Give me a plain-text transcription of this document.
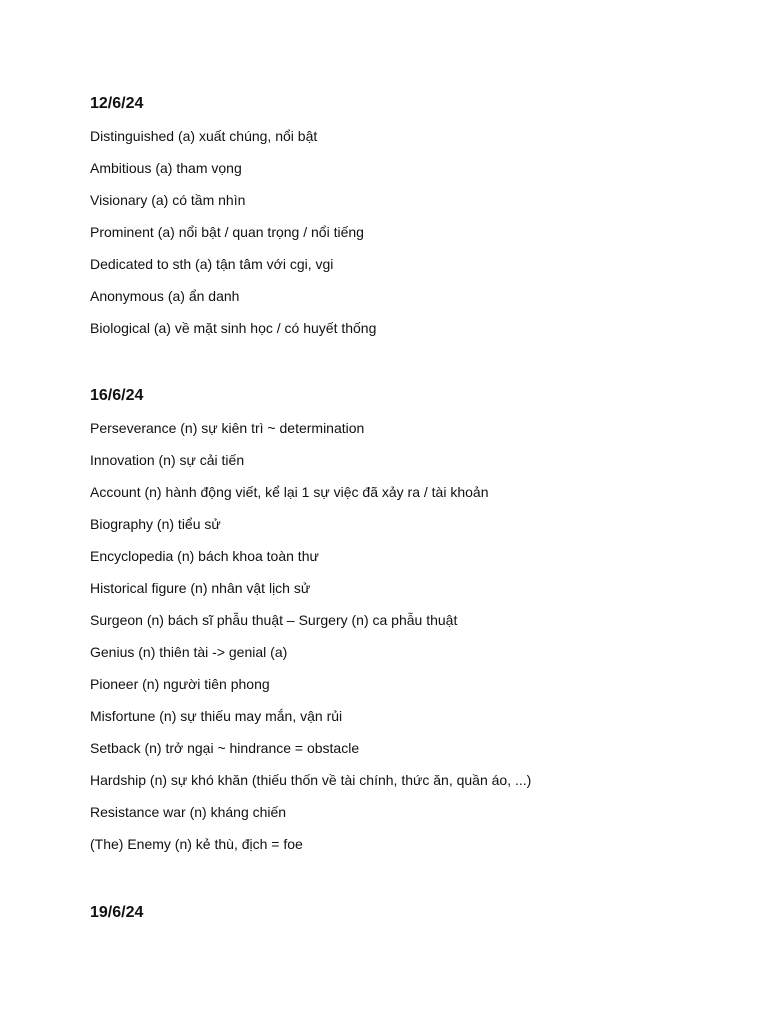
12/6/24
Distinguished (a) xuất chúng, nổi bật
Ambitious (a) tham vọng
Visionary (a) có tầm nhìn
Prominent (a) nổi bật / quan trọng / nổi tiếng
Dedicated to sth (a) tận tâm với cgi, vgi
Anonymous (a) ẩn danh
Biological (a) về mặt sinh học / có huyết thống
16/6/24
Perseverance (n) sự kiên trì ~ determination
Innovation (n) sự cải tiến
Account (n) hành động viết, kể lại 1 sự việc đã xảy ra / tài khoản
Biography (n) tiểu sử
Encyclopedia (n) bách khoa toàn thư
Historical figure (n) nhân vật lịch sử
Surgeon (n) bách sĩ phẫu thuật – Surgery (n) ca phẫu thuật
Genius (n) thiên tài -> genial (a)
Pioneer (n) người tiên phong
Misfortune (n) sự thiếu may mắn, vận rủi
Setback (n) trở ngại ~ hindrance = obstacle
Hardship (n) sự khó khăn (thiếu thốn về tài chính, thức ăn, quần áo, ...)
Resistance war (n) kháng chiến
(The) Enemy (n) kẻ thù, địch = foe
19/6/24
